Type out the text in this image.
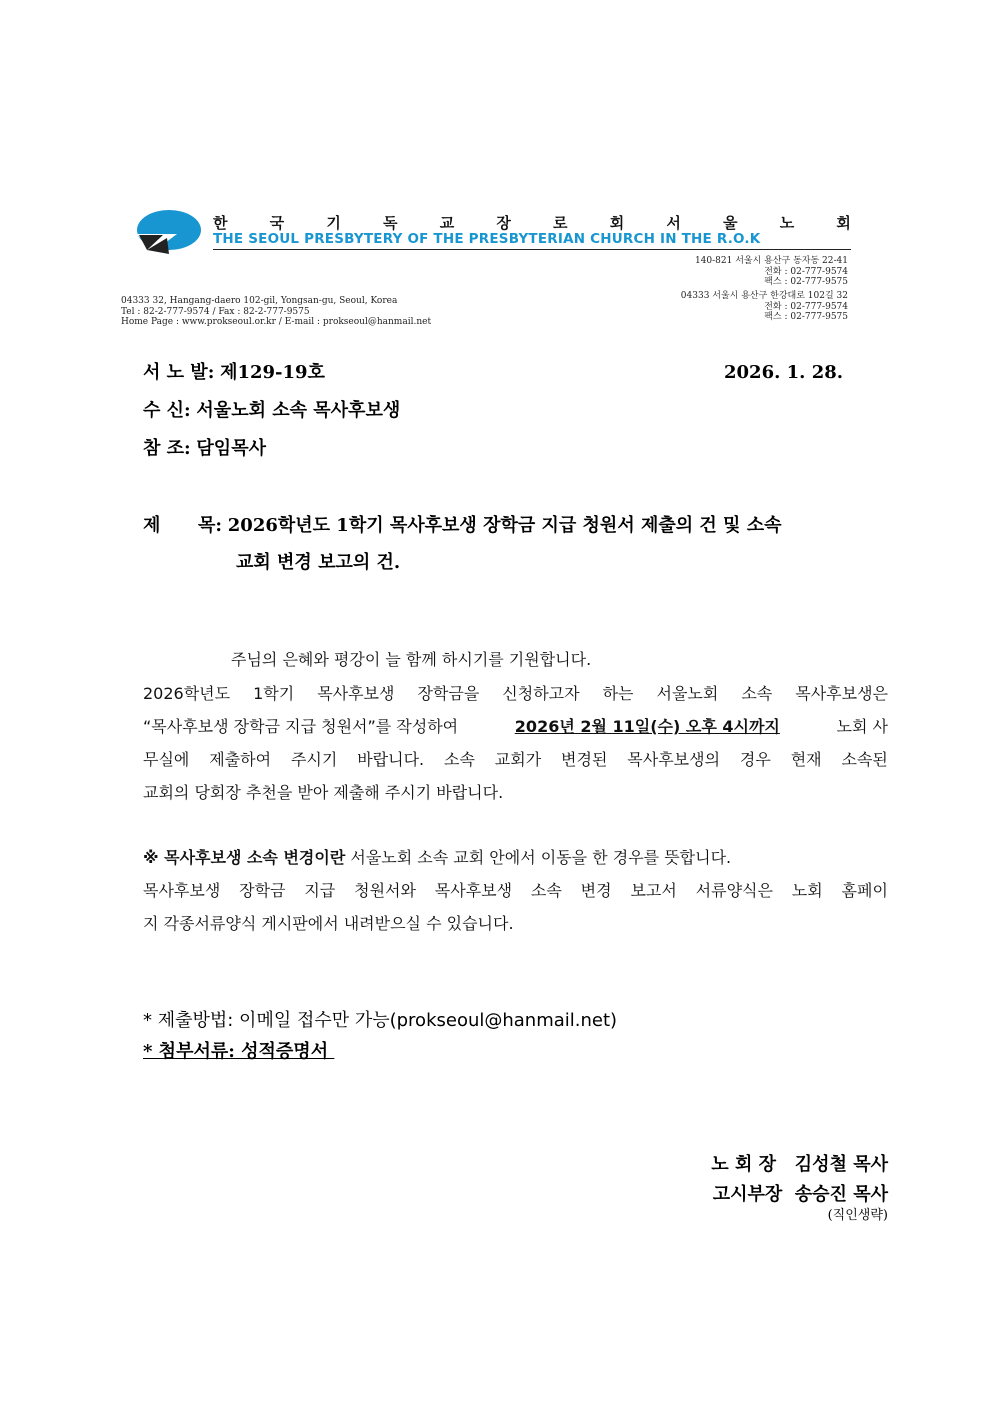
한	국	기	독	교	장	로	회	서	울	노	회
THE SEOUL PRESBYTERY OF THE PRESBYTERIAN CHURCH IN THE R.O.K
140-821 서울시 용산구 동자동 22-41
전화 : 02-777-9574
팩스 : 02-777-9575
04333 서울시 용산구 한강대로 102길 32
전화 : 02-777-9574
팩스 : 02-777-9575
04333 32, Hangang-daero 102-gil, Yongsan-gu, Seoul, Korea
Tel : 82-2-777-9574 / Fax : 82-2-777-9575
Home Page : www.prokseoul.or.kr / E-mail : prokseoul@hanmail.net
서 노 발: 제129-19호	2026. 1. 28.
수 신: 서울노회 소속 목사후보생
참 조: 담임목사
제      목: 2026학년도 1학기 목사후보생 장학금 지급 청원서 제출의 건 및 소속
교회 변경 보고의 건.
주님의 은혜와 평강이 늘 함께 하시기를 기원합니다.
2026학년도 1학기 목사후보생 장학금을 신청하고자 하는 서울노회 소속 목사후보생은
“목사후보생 장학금 지급 청원서”를 작성하여	2026년 2월 11일(수) 오후 4시까지	노회 사
무실에 제출하여 주시기 바랍니다. 소속 교회가 변경된 목사후보생의 경우 현재 소속된
교회의 당회장 추천을 받아 제출해 주시기 바랍니다.
※ 목사후보생 소속 변경이란 서울노회 소속 교회 안에서 이동을 한 경우를 뜻합니다.
목사후보생 장학금 지급 청원서와 목사후보생 소속 변경 보고서 서류양식은 노회 홈페이
지 각종서류양식 게시판에서 내려받으실 수 있습니다.
* 제출방법: 이메일 접수만 가능(prokseoul@hanmail.net)
* 첨부서류: 성적증명서
노 회 장   김성철 목사
고시부장  송승진 목사
(직인생략)
